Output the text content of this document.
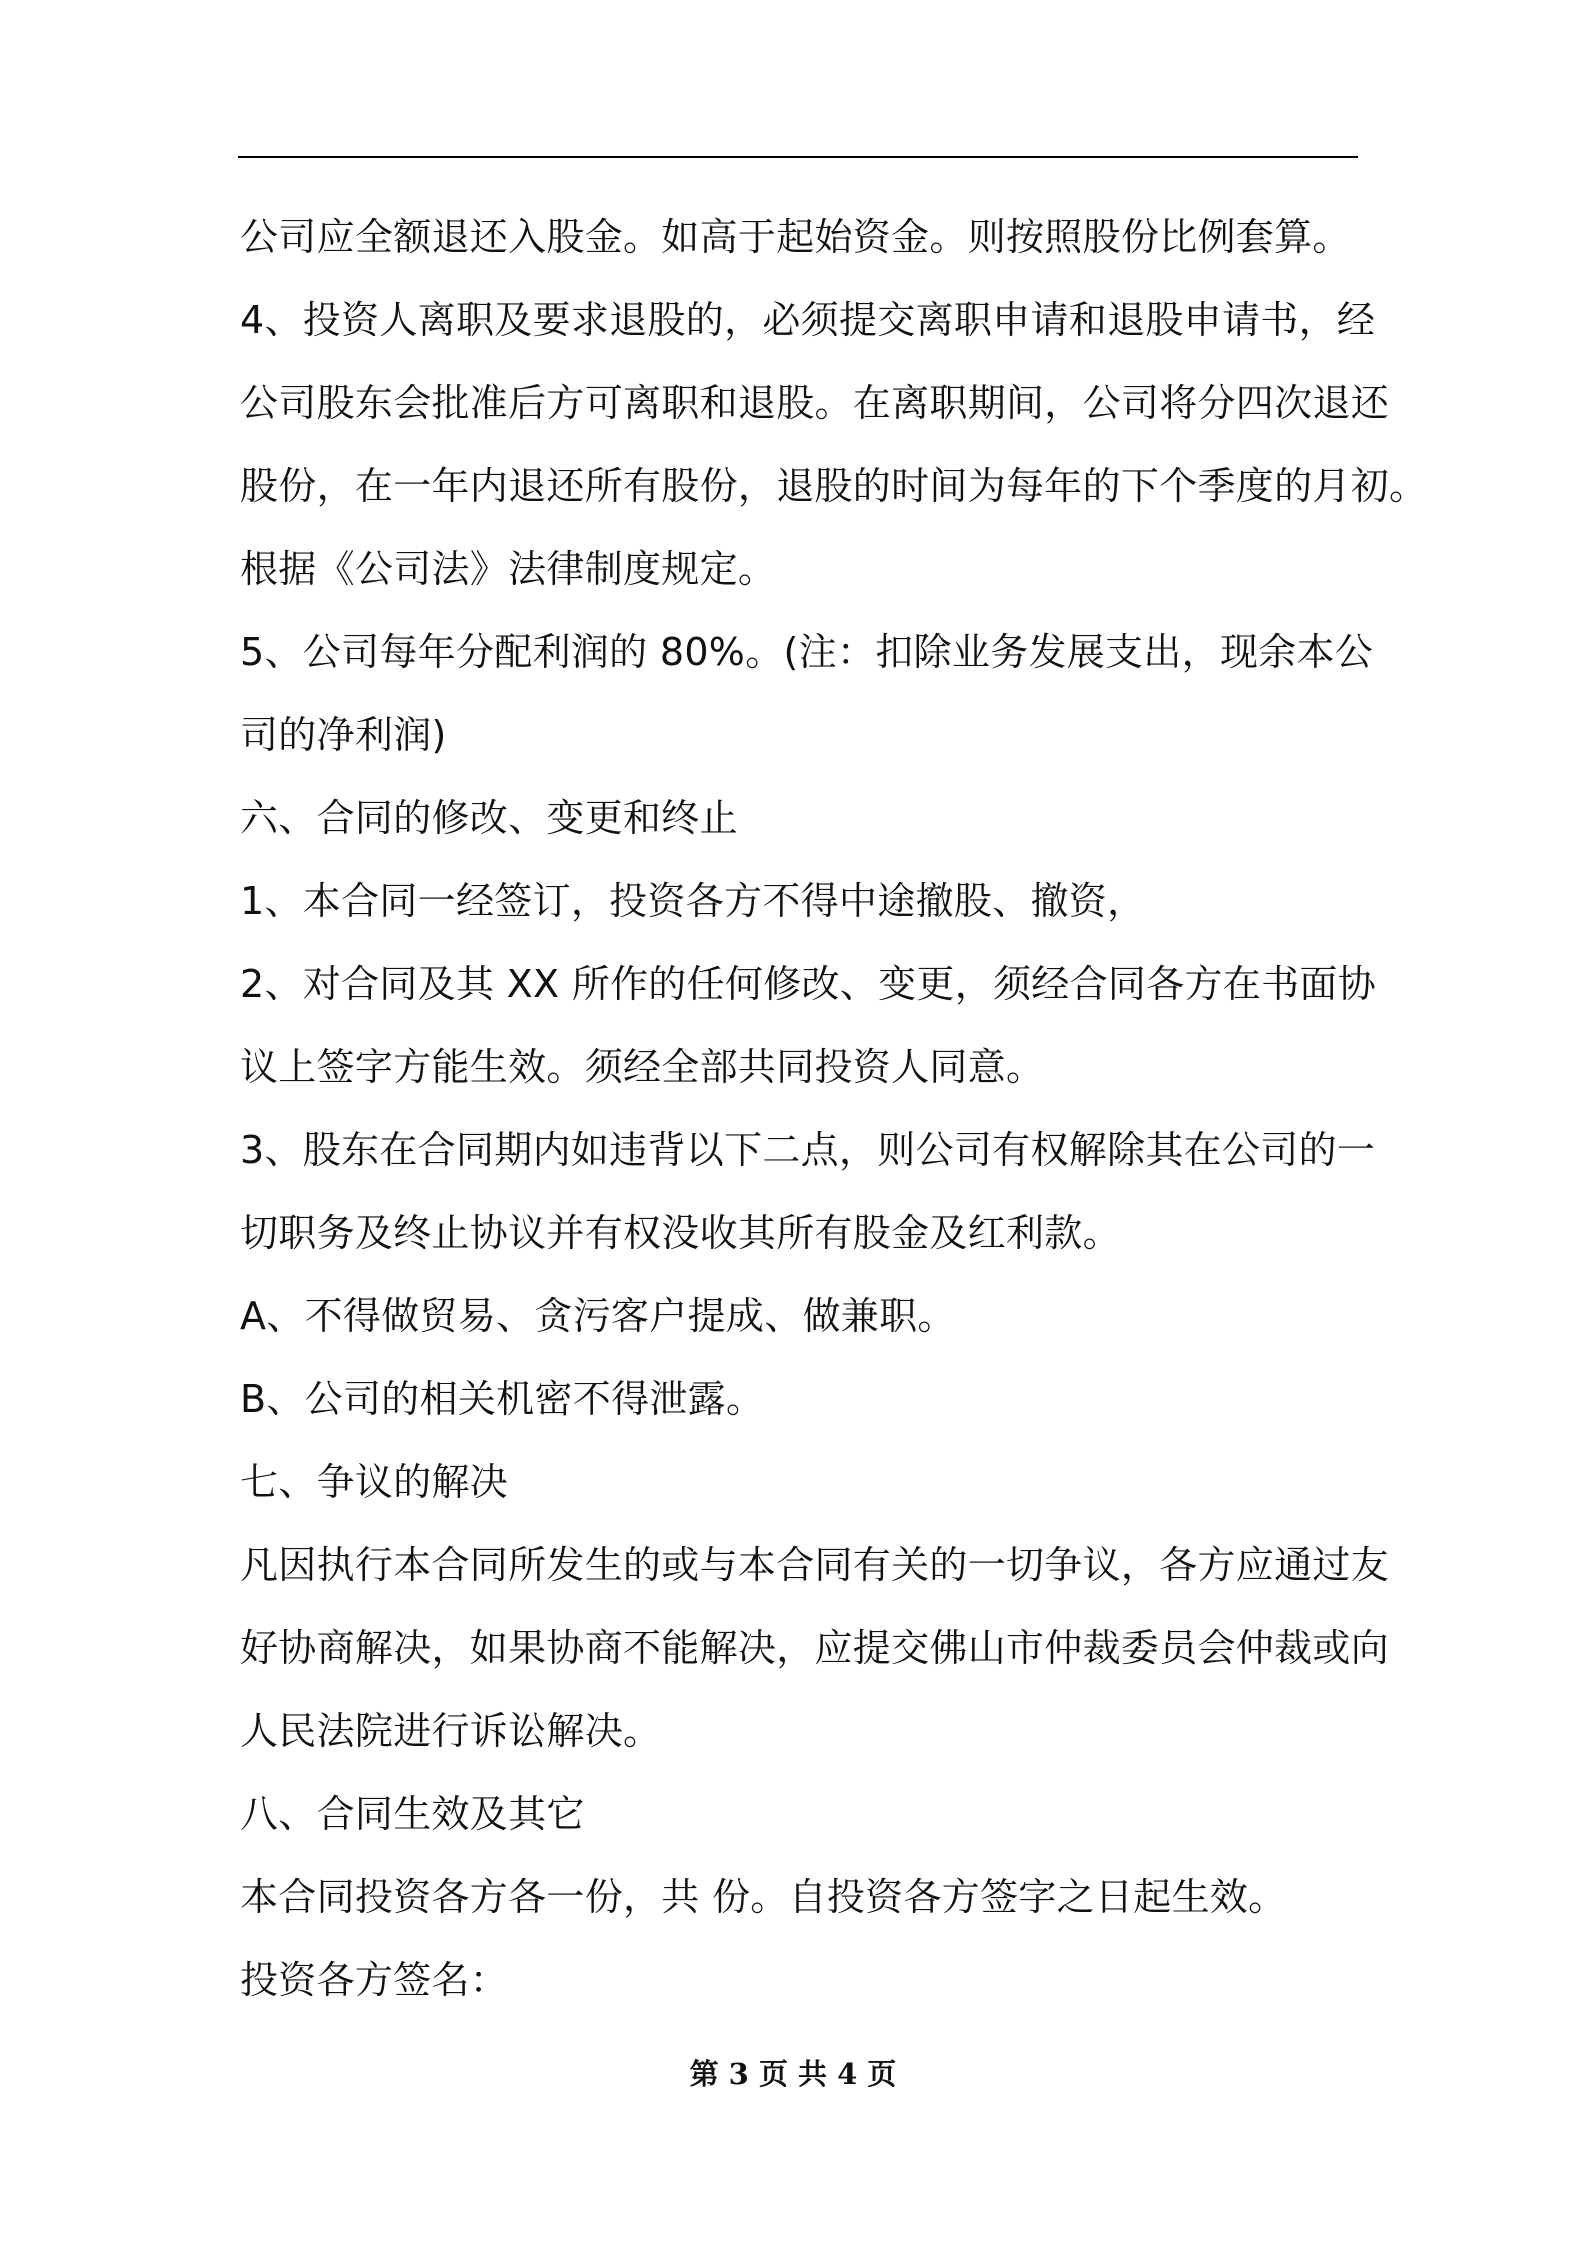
公司应全额退还入股金。如高于起始资金。则按照股份比例套算。
4、投资人离职及要求退股的，必须提交离职申请和退股申请书，经
公司股东会批准后方可离职和退股。在离职期间，公司将分四次退还
股份，在一年内退还所有股份，退股的时间为每年的下个季度的月初。
根据《公司法》法律制度规定。
5、公司每年分配利润的 80%。(注：扣除业务发展支出，现余本公
司的净利润)
六、合同的修改、变更和终止
1、本合同一经签订，投资各方不得中途撤股、撤资，
2、对合同及其 XX 所作的任何修改、变更，须经合同各方在书面协
议上签字方能生效。须经全部共同投资人同意。
3、股东在合同期内如违背以下二点，则公司有权解除其在公司的一
切职务及终止协议并有权没收其所有股金及红利款。
A、不得做贸易、贪污客户提成、做兼职。
B、公司的相关机密不得泄露。
七、争议的解决
凡因执行本合同所发生的或与本合同有关的一切争议，各方应通过友
好协商解决，如果协商不能解决，应提交佛山市仲裁委员会仲裁或向
人民法院进行诉讼解决。
八、合同生效及其它
本合同投资各方各一份，共 份。自投资各方签字之日起生效。
投资各方签名：
第 3 页 共 4 页
